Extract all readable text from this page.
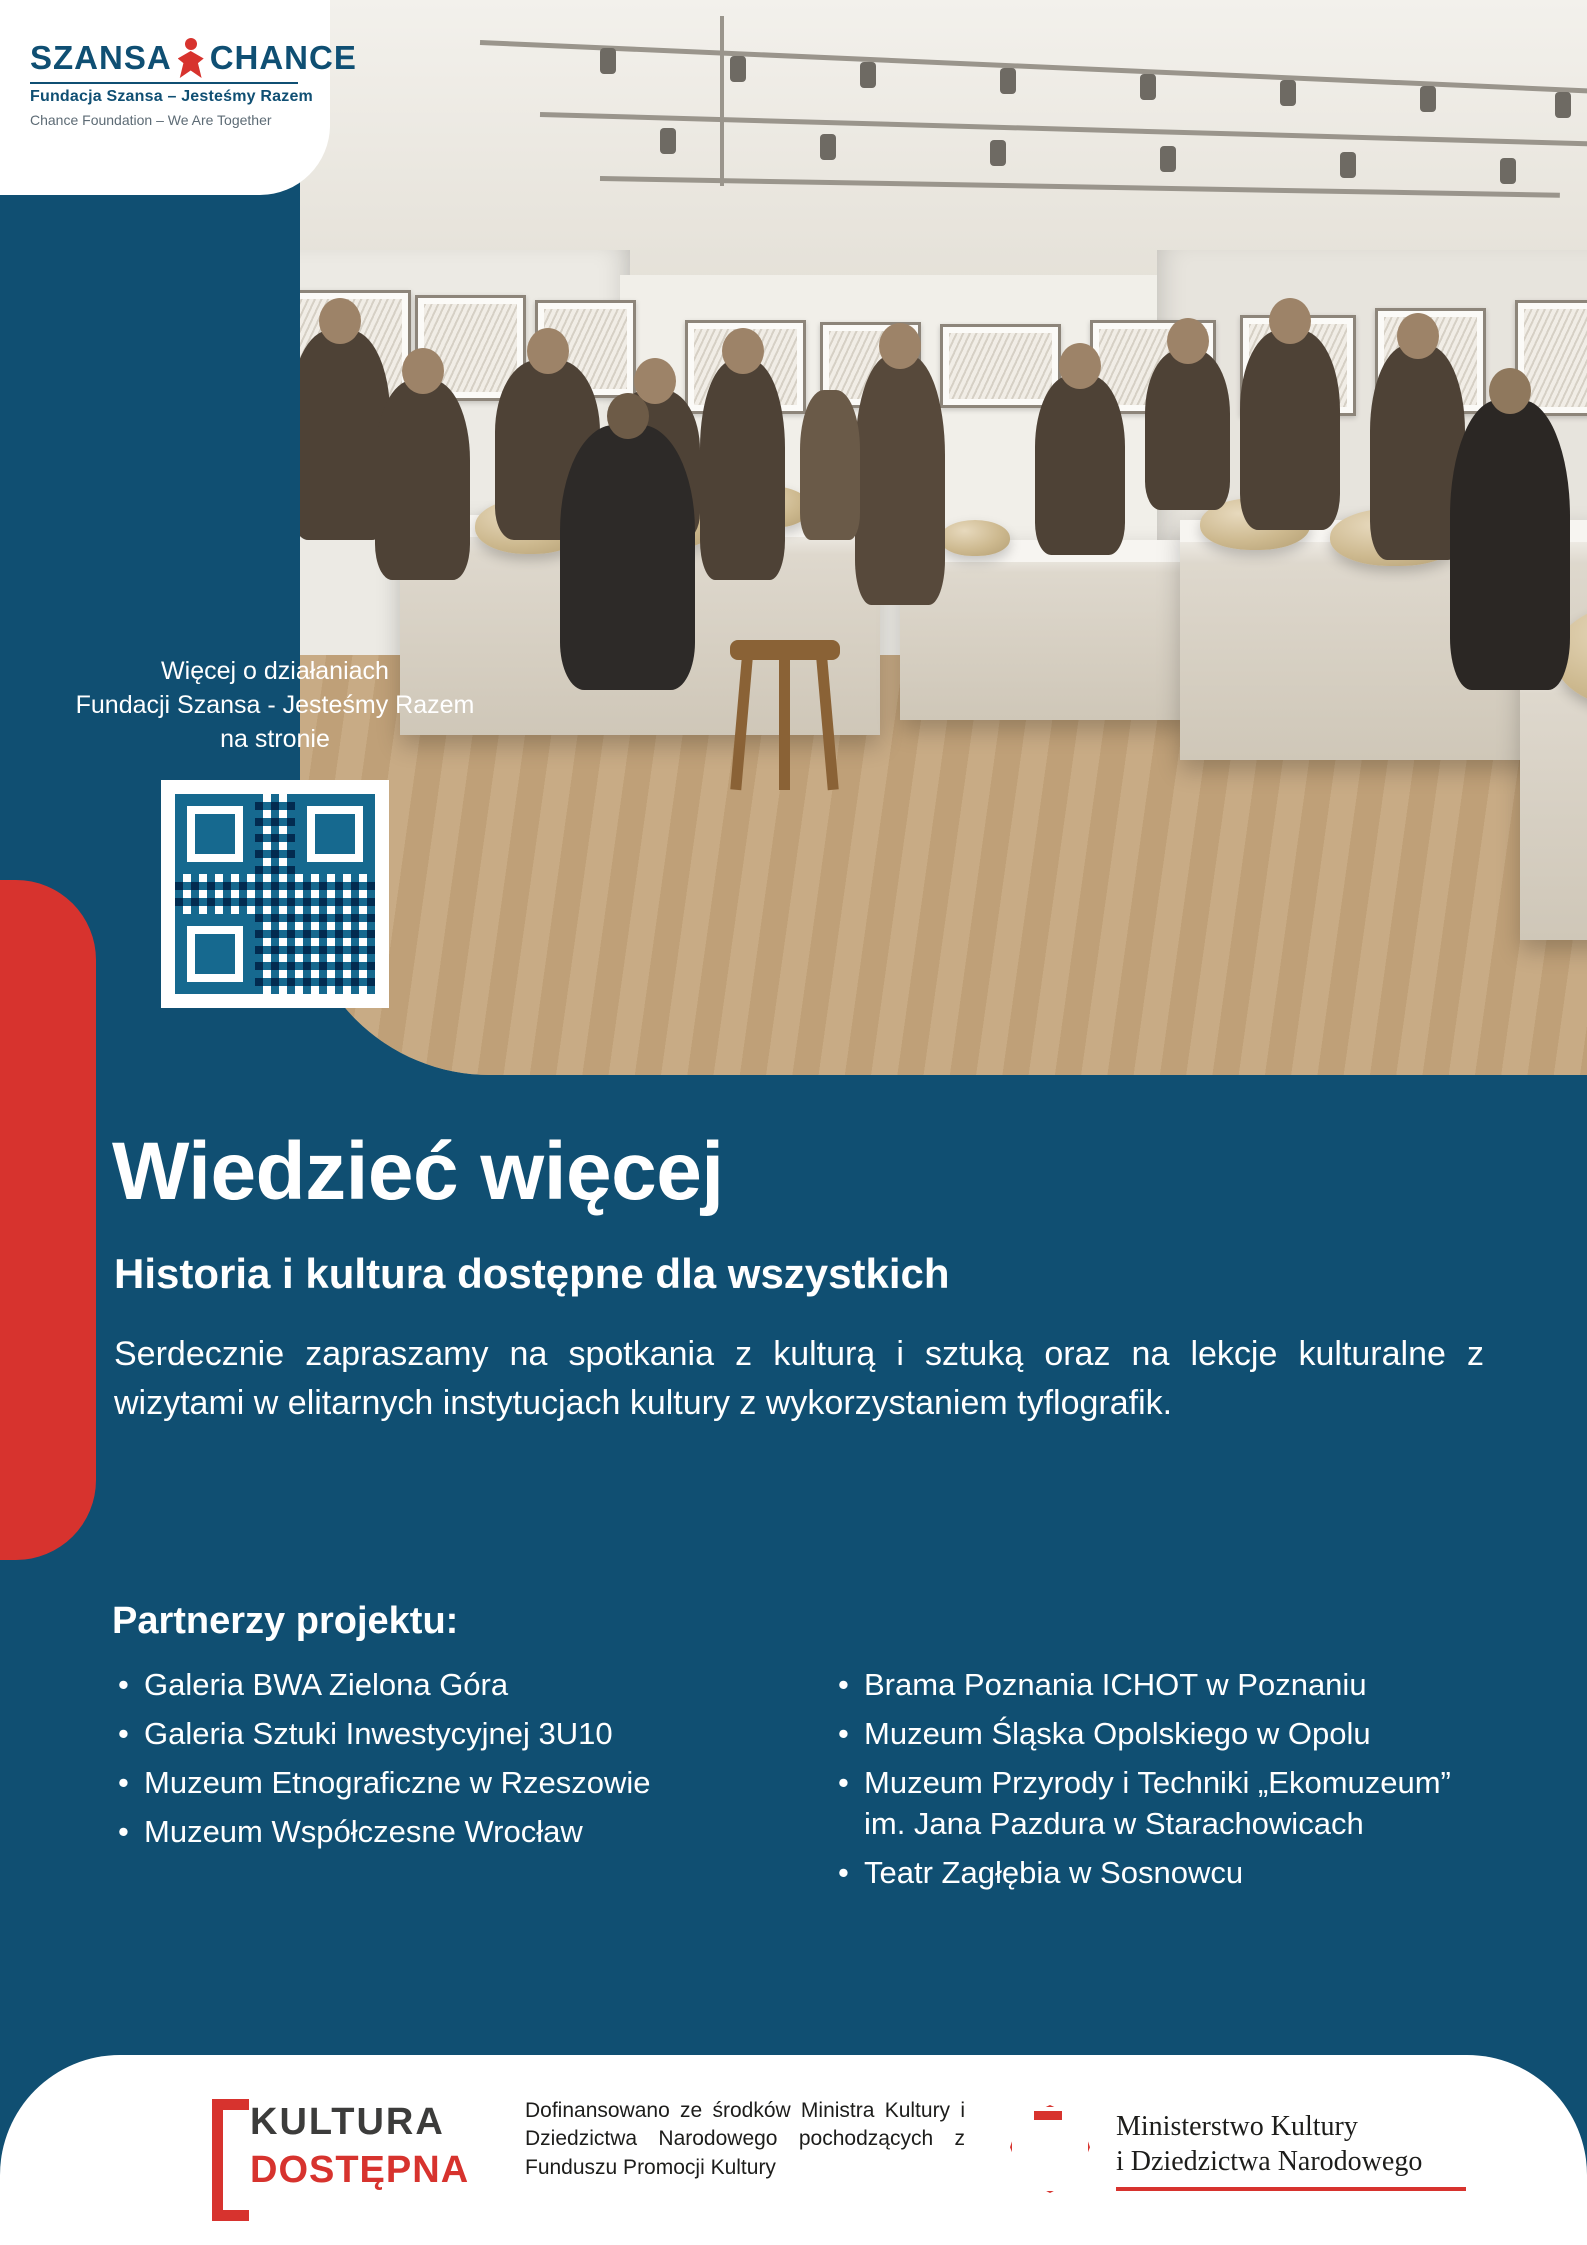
SZANSA CHANCE
Fundacja Szansa – Jesteśmy Razem
Chance Foundation – We Are Together
Więcej o działaniach
Fundacji Szansa - Jesteśmy Razem
na stronie
Wiedzieć więcej
Historia i kultura dostępne dla wszystkich
Serdecznie zapraszamy na spotkania z kulturą i sztuką oraz na lekcje kulturalne z wizytami w elitarnych instytucjach kultury z wykorzystaniem tyflografik.
Partnerzy projektu:
• Galeria BWA Zielona Góra
• Galeria Sztuki Inwestycyjnej 3U10
• Muzeum Etnograficzne w Rzeszowie
• Muzeum Współczesne Wrocław
• Brama Poznania ICHOT w Poznaniu
• Muzeum Śląska Opolskiego w Opolu
• Muzeum Przyrody i Techniki „Ekomuzeum” im. Jana Pazdura w Starachowicach
• Teatr Zagłębia w Sosnowcu
KULTURA
DOSTĘPNA
Dofinansowano ze środków Ministra Kultury i Dziedzictwa Narodowego pochodzących z Funduszu Promocji Kultury
Ministerstwo Kultury
i Dziedzictwa Narodowego
